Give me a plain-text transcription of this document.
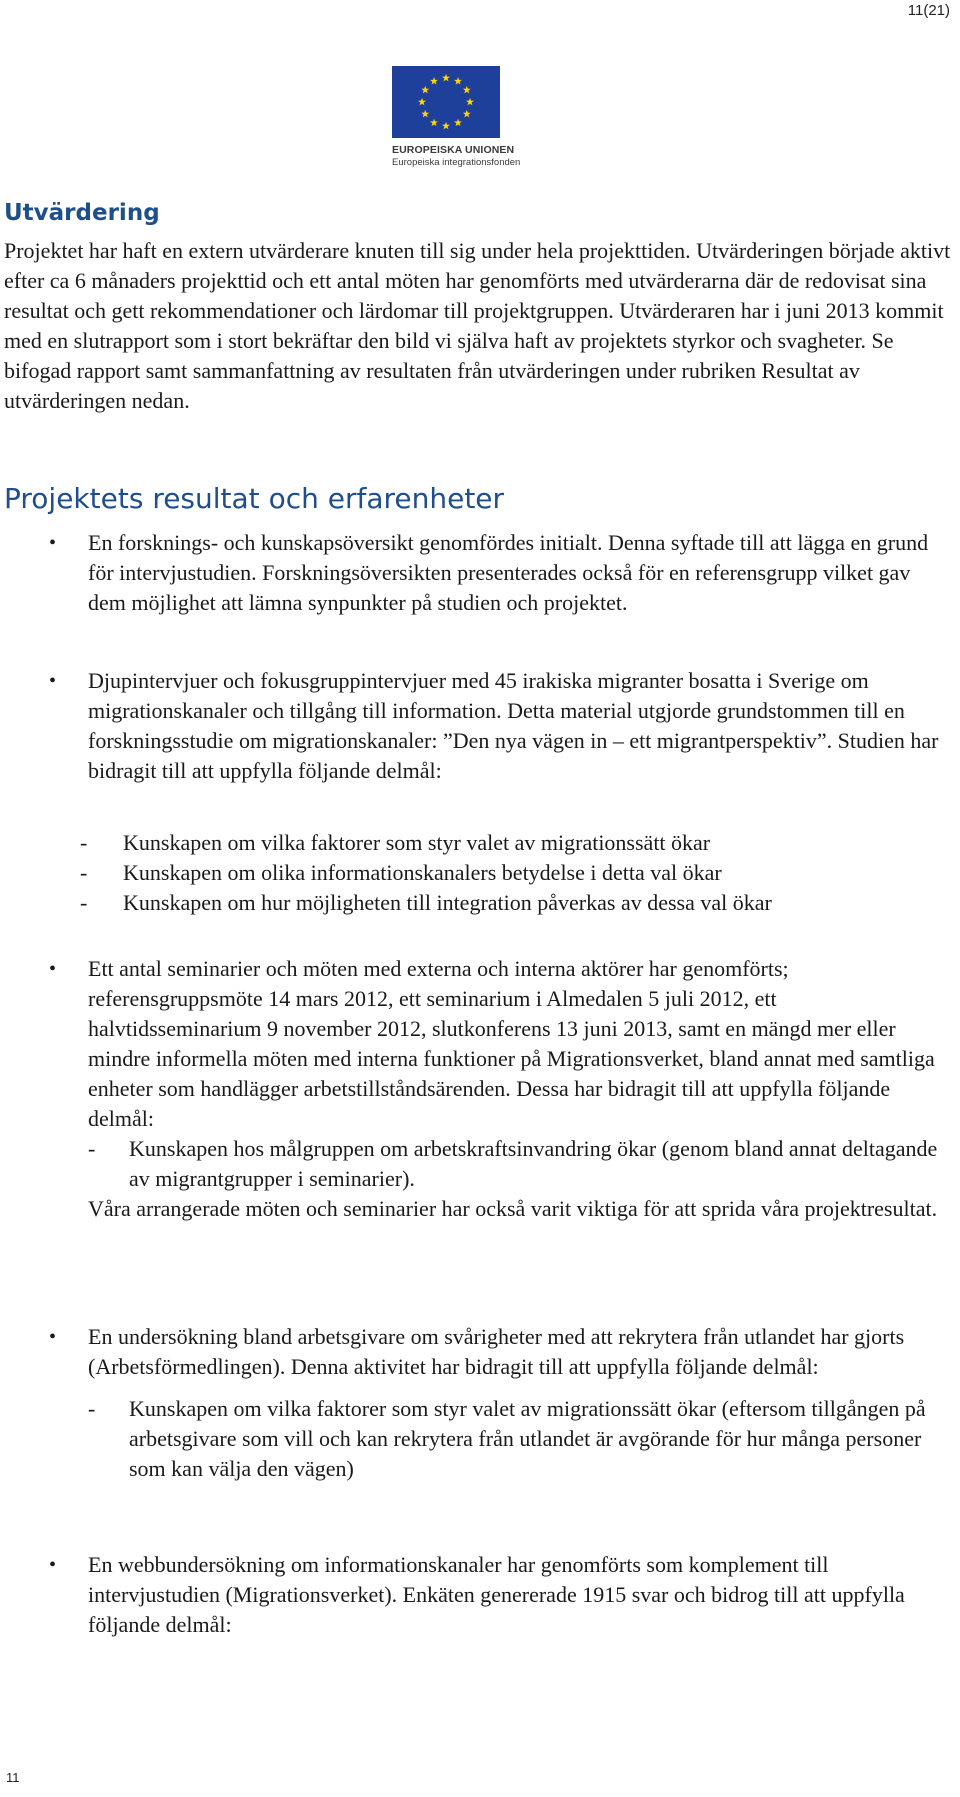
11(21)
EUROPEISKA UNIONEN
Europeiska integrationsfonden
Utvärdering

Projektet har haft en extern utvärderare knuten till sig under hela projekttiden. Utvärderingen började aktivt efter ca 6 månaders projekttid och ett antal möten har genomförts med utvärderarna där de redovisat sina resultat och gett rekommendationer och lärdomar till projektgruppen. Utvärderaren har i juni 2013 kommit med en slutrapport som i stort bekräftar den bild vi själva haft av projektets styrkor och svagheter. Se bifogad rapport samt sammanfattning av resultaten från utvärderingen under rubriken Resultat av utvärderingen nedan.

Projektets resultat och erfarenheter
• En forsknings- och kunskapsöversikt genomfördes initialt. Denna syftade till att lägga en grund för intervjustudien. Forskningsöversikten presenterades också för en referensgrupp vilket gav dem möjlighet att lämna synpunkter på studien och projektet.

• Djupintervjuer och fokusgruppintervjuer med 45 irakiska migranter bosatta i Sverige om migrationskanaler och tillgång till information. Detta material utgjorde grundstommen till en forskningsstudie om migrationskanaler: ”Den nya vägen in – ett migrantperspektiv”. Studien har bidragit till att uppfylla följande delmål:

- Kunskapen om vilka faktorer som styr valet av migrationssätt ökar
- Kunskapen om olika informationskanalers betydelse i detta val ökar
- Kunskapen om hur möjligheten till integration påverkas av dessa val ökar
• Ett antal seminarier och möten med externa och interna aktörer har genomförts; referensgruppsmöte 14 mars 2012, ett seminarium i Almedalen 5 juli 2012, ett halvtidsseminarium 9 november 2012, slutkonferens 13 juni 2013, samt en mängd mer eller mindre informella möten med interna funktioner på Migrationsverket, bland annat med samtliga enheter som handlägger arbetstillståndsärenden. Dessa har bidragit till att uppfylla följande delmål:

- Kunskapen hos målgruppen om arbetskraftsinvandring ökar (genom bland annat deltagande av migrantgrupper i seminarier).

Våra arrangerade möten och seminarier har också varit viktiga för att sprida våra projektresultat.

• En undersökning bland arbetsgivare om svårigheter med att rekrytera från utlandet har gjorts (Arbetsförmedlingen). Denna aktivitet har bidragit till att uppfylla följande delmål:

- Kunskapen om vilka faktorer som styr valet av migrationssätt ökar (eftersom tillgången på arbetsgivare som vill och kan rekrytera från utlandet är avgörande för hur många personer som kan välja den vägen)
• En webbundersökning om informationskanaler har genomförts som komplement till intervjustudien (Migrationsverket). Enkäten genererade 1915 svar och bidrog till att uppfylla följande delmål:

11
